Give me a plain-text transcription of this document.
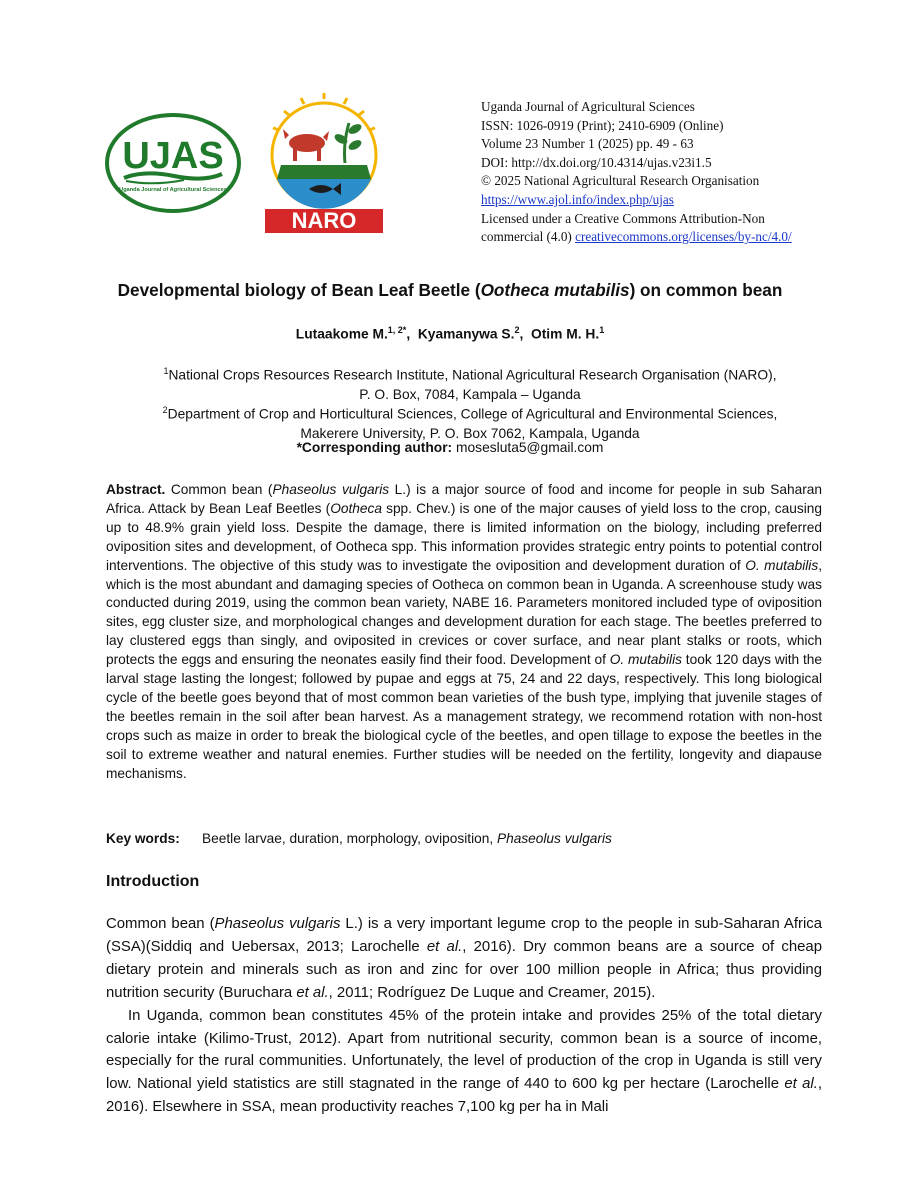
UJAS
Uganda Journal of Agricultural Sciences
NARO
Uganda Journal of Agricultural Sciences
ISSN: 1026-0919 (Print); 2410-6909 (Online)
Volume 23 Number 1 (2025) pp. 49 - 63
DOI: http://dx.doi.org/10.4314/ujas.v23i1.5
© 2025 National Agricultural Research Organisation
https://www.ajol.info/index.php/ujas
Licensed under a Creative Commons Attribution-Non
commercial (4.0) creativecommons.org/licenses/by-nc/4.0/
Developmental biology of Bean Leaf Beetle (Ootheca mutabilis) on common bean
Lutaakome M.$^{1, 2*}$,  Kyamanywa S.$^2$,  Otim M. H.$^1$
$^1$National Crops Resources Research Institute, National Agricultural Research Organisation (NARO),
P. O. Box, 7084, Kampala – Uganda
$^2$Department of Crop and Horticultural Sciences, College of Agricultural and Environmental Sciences,
Makerere University, P. O. Box 7062, Kampala, Uganda
*Corresponding author: mosesluta5@gmail.com
Abstract. Common bean (Phaseolus vulgaris L.) is a major source of food and income for people in sub Saharan Africa. Attack by Bean Leaf Beetles (Ootheca spp. Chev.) is one of the major causes of yield loss to the crop, causing up to 48.9% grain yield loss. Despite the damage, there is limited information on the biology, including preferred oviposition sites and development, of Ootheca spp. This information provides strategic entry points to potential control interventions. The objective of this study was to investigate the oviposition and development duration of O. mutabilis, which is the most abundant and damaging species of Ootheca on common bean in Uganda. A screenhouse study was conducted during 2019, using the common bean variety, NABE 16. Parameters monitored included type of oviposition sites, egg cluster size, and morphological changes and development duration for each stage. The beetles preferred to lay clustered eggs than singly, and oviposited in crevices or cover surface, and near plant stalks or roots, which protects the eggs and ensuring the neonates easily find their food. Development of O. mutabilis took 120 days with the larval stage lasting the longest; followed by pupae and eggs at 75, 24 and 22 days, respectively. This long biological cycle of the beetle goes beyond that of most common bean varieties of the bush type, implying that juvenile stages of the beetles remain in the soil after bean harvest. As a management strategy, we recommend rotation with non-host crops such as maize in order to break the biological cycle of the beetles, and open tillage to expose the beetles in the soil to extreme weather and natural enemies. Further studies will be needed on the fertility, longevity and diapause mechanisms.
Key words: Beetle larvae, duration, morphology, oviposition, Phaseolus vulgaris
Introduction

Common bean (Phaseolus vulgaris L.) is a very important legume crop to the people in sub-Saharan Africa (SSA)(Siddiq and Uebersax, 2013; Larochelle et al., 2016). Dry common beans are a source of cheap dietary protein and minerals such as iron and zinc for over 100 million people in Africa; thus providing nutrition security (Buruchara et al., 2011; Rodríguez De Luque and Creamer, 2015).

In Uganda, common bean constitutes 45% of the protein intake and provides 25% of the total dietary calorie intake (Kilimo-Trust, 2012). Apart from nutritional security, common bean is a source of income, especially for the rural communities. Unfortunately, the level of production of the crop in Uganda is still very low. National yield statistics are still stagnated in the range of 440 to 600 kg per hectare (Larochelle et al., 2016). Elsewhere in SSA, mean productivity reaches 7,100 kg per ha in Mali
